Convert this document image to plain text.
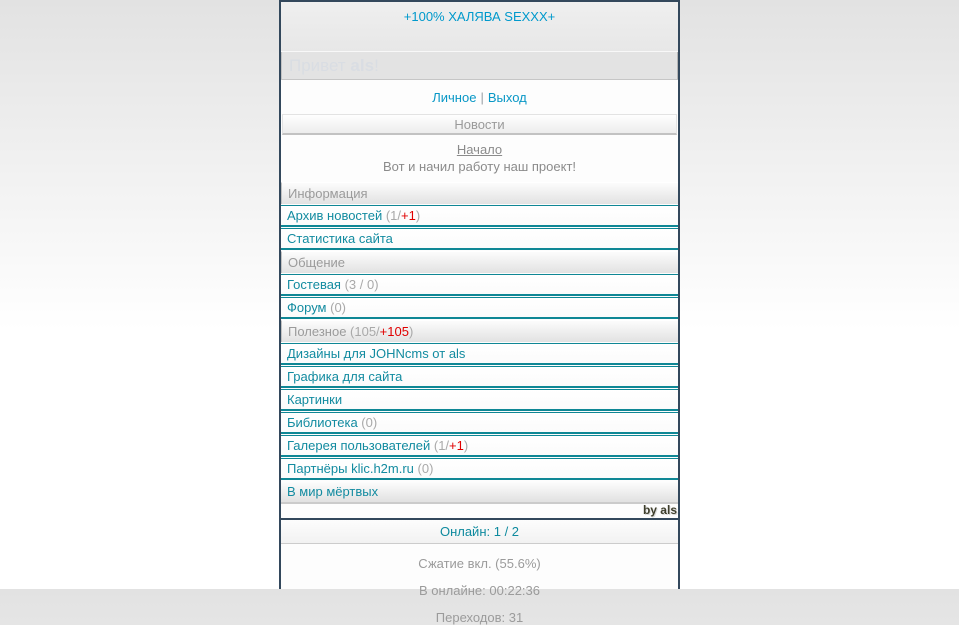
+100% ХАЛЯВА SEXXX+
Привет als!
Личное | Выход
Новости
Начало
Вот и начил работу наш проект!
Информация
Архив новостей (1/+1)
Статистика сайта
Общение
Гостевая (3 / 0)
Форум (0)
Полезное (105/+105)
Дизайны для JOHNcms от als
Графика для сайта
Картинки
Библиотека (0)
Галерея пользователей (1/+1)
Партнёры klic.h2m.ru (0)
В мир мёртвых
by als
Онлайн: 1 / 2
Сжатие вкл. (55.6%)
В онлайне: 00:22:36
Переходов: 31
